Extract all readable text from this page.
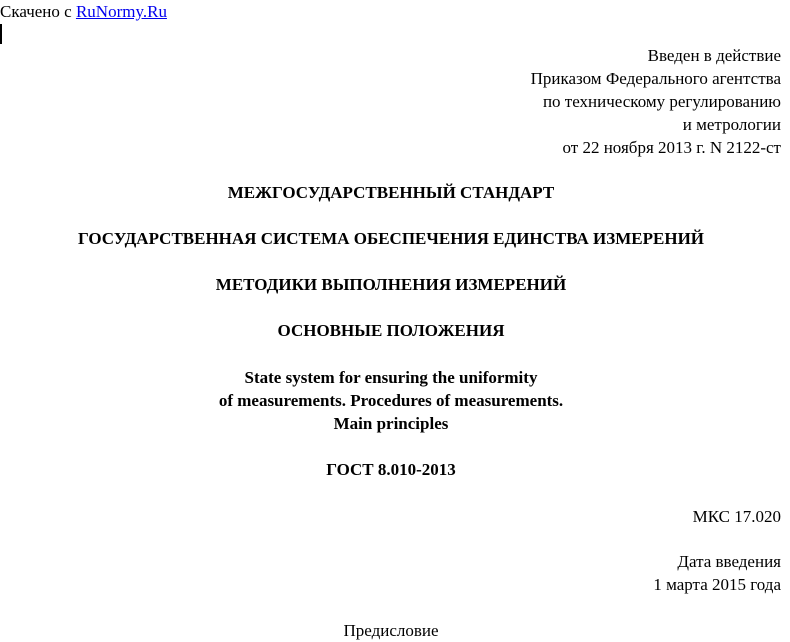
Скачено с RuNormy.Ru
Введен в действие
Приказом Федерального агентства
по техническому регулированию
и метрологии
от 22 ноября 2013 г. N 2122-ст
МЕЖГОСУДАРСТВЕННЫЙ СТАНДАРТ
ГОСУДАРСТВЕННАЯ СИСТЕМА ОБЕСПЕЧЕНИЯ ЕДИНСТВА ИЗМЕРЕНИЙ
МЕТОДИКИ ВЫПОЛНЕНИЯ ИЗМЕРЕНИЙ
ОСНОВНЫЕ ПОЛОЖЕНИЯ
State system for ensuring the uniformity
of measurements. Procedures of measurements.
Main principles
ГОСТ 8.010-2013
МКС 17.020
Дата введения
1 марта 2015 года
Предисловие
